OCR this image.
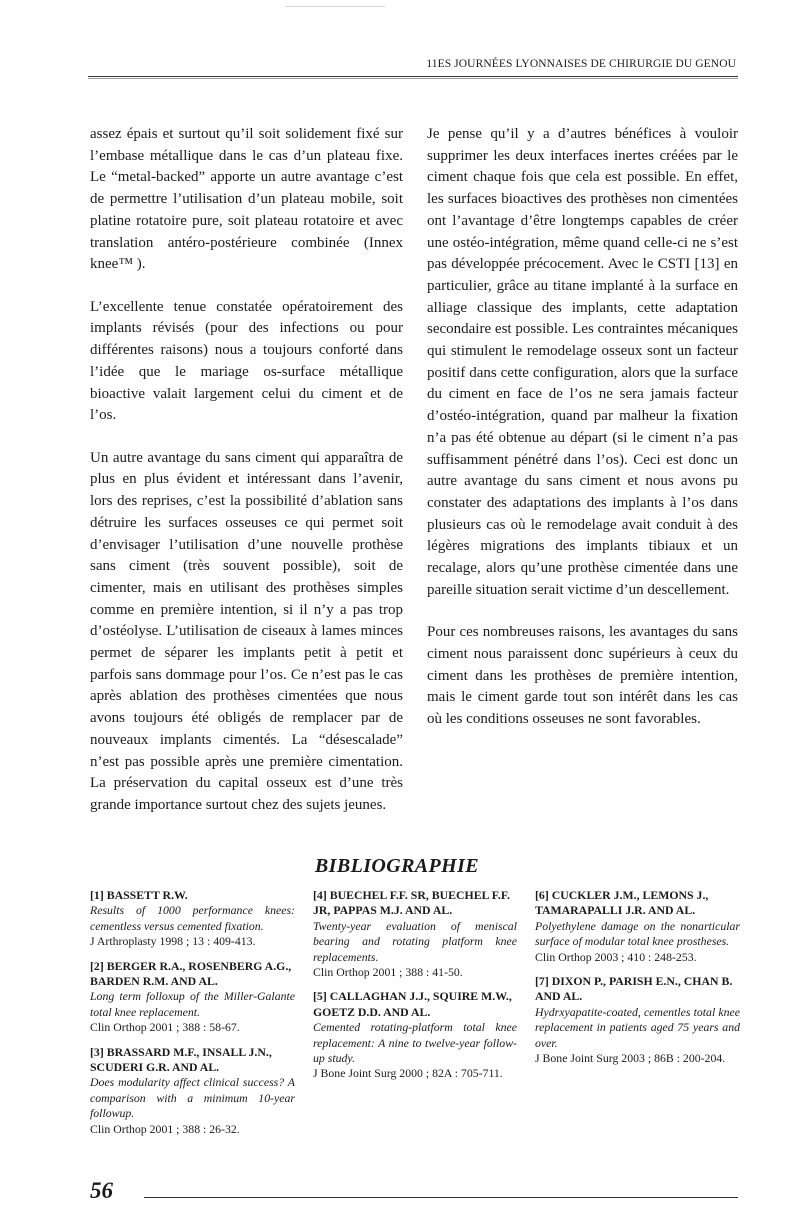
11ES JOURNÉES LYONNAISES DE CHIRURGIE DU GENOU

assez épais et surtout qu’il soit solidement fixé sur l’embase métallique dans le cas d’un plateau fixe. Le “metal-backed” apporte un autre avantage c’est de permettre l’utilisation d’un plateau mobile, soit platine rotatoire pure, soit plateau rotatoire et avec translation antéro-postérieure combinée (Innex knee™ ).

L’excellente tenue constatée opératoirement des implants révisés (pour des infections ou pour différentes raisons) nous a toujours conforté dans l’idée que le mariage os-surface métallique bioactive valait largement celui du ciment et de l’os.

Un autre avantage du sans ciment qui apparaîtra de plus en plus évident et intéressant dans l’avenir, lors des reprises, c’est la possibilité d’ablation sans détruire les surfaces osseuses ce qui permet soit d’envisager l’utilisation d’une nouvelle prothèse sans ciment (très souvent possible), soit de cimenter, mais en utilisant des prothèses simples comme en première intention, si il n’y a pas trop d’ostéolyse. L’utilisation de ciseaux à lames minces permet de séparer les implants petit à petit et parfois sans dommage pour l’os. Ce n’est pas le cas après ablation des prothèses cimentées que nous avons toujours été obligés de remplacer par de nouveaux implants cimentés. La “désescalade” n’est pas possible après une première cimentation. La préservation du capital osseux est d’une très grande importance surtout chez des sujets jeunes.

Je pense qu’il y a d’autres bénéfices à vouloir supprimer les deux interfaces inertes créées par le ciment chaque fois que cela est possible. En effet, les surfaces bioactives des prothèses non cimentées ont l’avantage d’être longtemps capables de créer une ostéo-intégration, même quand celle-ci ne s’est pas développée précocement. Avec le CSTI [13] en particulier, grâce au titane implanté à la surface en alliage classique des implants, cette adaptation secondaire est possible. Les contraintes mécaniques qui stimulent le remodelage osseux sont un facteur positif dans cette configuration, alors que la surface du ciment en face de l’os ne sera jamais facteur d’ostéo-intégration, quand par malheur la fixation n’a pas été obtenue au départ (si le ciment n’a pas suffisamment pénétré dans l’os). Ceci est donc un autre avantage du sans ciment et nous avons pu constater des adaptations des implants à l’os dans plusieurs cas où le remodelage avait conduit à des légères migrations des implants tibiaux et un recalage, alors qu’une prothèse cimentée dans une pareille situation serait victime d’un descellement.

Pour ces nombreuses raisons, les avantages du sans ciment nous paraissent donc supérieurs à ceux du ciment dans les prothèses de première intention, mais le ciment garde tout son intérêt dans les cas où les conditions osseuses ne sont favorables.

BIBLIOGRAPHIE
[1] BASSETT R.W.
Results of 1000 performance knees: cementless versus cemented fixation.
J Arthroplasty 1998 ; 13 : 409-413.
[2] BERGER R.A., ROSENBERG A.G., BARDEN R.M. AND AL.
Long term folloxup of the Miller-Galante total knee replacement.
Clin Orthop 2001 ; 388 : 58-67.
[3] BRASSARD M.F., INSALL J.N., SCUDERI G.R. AND AL.
Does modularity affect clinical success? A comparison with a minimum 10-year followup.
Clin Orthop 2001 ; 388 : 26-32.
[4] BUECHEL F.F. SR, BUECHEL F.F. JR, PAPPAS M.J. AND AL.
Twenty-year evaluation of meniscal bearing and rotating platform knee replacements.
Clin Orthop 2001 ; 388 : 41-50.
[5] CALLAGHAN J.J., SQUIRE M.W., GOETZ D.D. AND AL.
Cemented rotating-platform total knee replacement: A nine to twelve-year follow-up study.
J Bone Joint Surg 2000 ; 82A : 705-711.
[6] CUCKLER J.M., LEMONS J., TAMARAPALLI J.R. AND AL.
Polyethylene damage on the nonarticular surface of modular total knee prostheses.
Clin Orthop 2003 ; 410 : 248-253.
[7] DIXON P., PARISH E.N., CHAN B. AND AL.
Hydrxyapatite-coated, cementles total knee replacement in patients aged 75 years and over.
J Bone Joint Surg 2003 ; 86B : 200-204.
56
